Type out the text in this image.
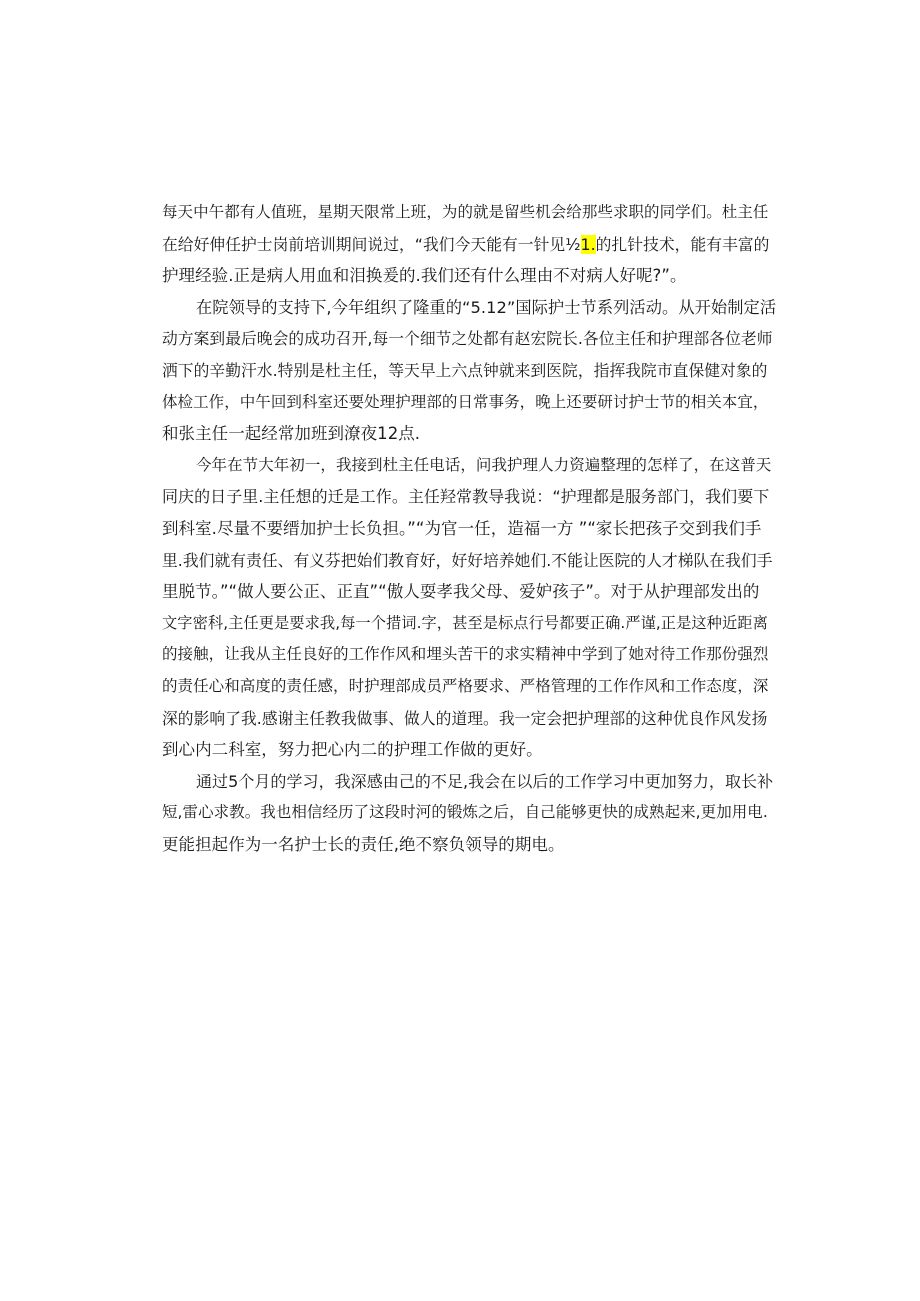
每天中午都有人值班，星期天限常上班，为的就是留些机会给那些求职的同学们。杜主任
在给好伸任护士岗前培训期间说过，“我们今天能有一针见½1.的扎针技术，能有丰富的
护理经验.正是病人用血和泪换爰的.我们还有什么理由不对病人好呢?”。
在院领导的支持下,今年组织了隆重的“5.12”国际护士节系列活动。从开始制定活
动方案到最后晚会的成功召开,每一个细节之处都有赵宏院长.各位主任和护理部各位老师
洒下的辛勤汗水.特别是杜主任，等天早上六点钟就来到医院，指挥我院市直保健对象的
体检工作，中午回到科室还要处理护理部的日常事务，晚上还要研讨护士节的相关本宜，
和张主任一起经常加班到潦夜12点.
今年在节大年初一，我接到杜主任电话，问我护理人力资遍整理的怎样了，在这普天
同庆的日子里.主任想的迁是工作。主任羟常教导我说：“护理都是服务部门，我们要下
到科室.尽量不要缙加护士长负担。”“为官一任，造福一方 ”“家长把孩子交到我们手
里.我们就有责任、有义芬把始们教育好，好好培养她们.不能让医院的人才梯队在我们手
里脱节。”“做人要公正、正直”“傲人耍孝我父母、爱妒孩子”。对于从护理部发出的
文字密科,主任更是要求我,每一个措词.字，甚至是标点行号都要正确.严谨,正是这种近距离
的接触，让我从主任良好的工作作风和埋头苦干的求实精神中学到了她对待工作那份强烈
的责任心和高度的责任感，时护理部成员严格要求、严格管理的工作作风和工作态度，深
深的影响了我.感谢主任教我做事、做人的道理。我一定会把护理部的这种优良作风发扬
到心内二科室，努力把心内二的护理工作做的更好。
通过5个月的学习，我深感由己的不足,我会在以后的工作学习中更加努力，取长补
短,雷心求教。我也相信经历了这段时河的锻炼之后，自己能够更快的成熟起来,更加用电.
更能担起作为一名护士长的责任,绝不察负领导的期电。
